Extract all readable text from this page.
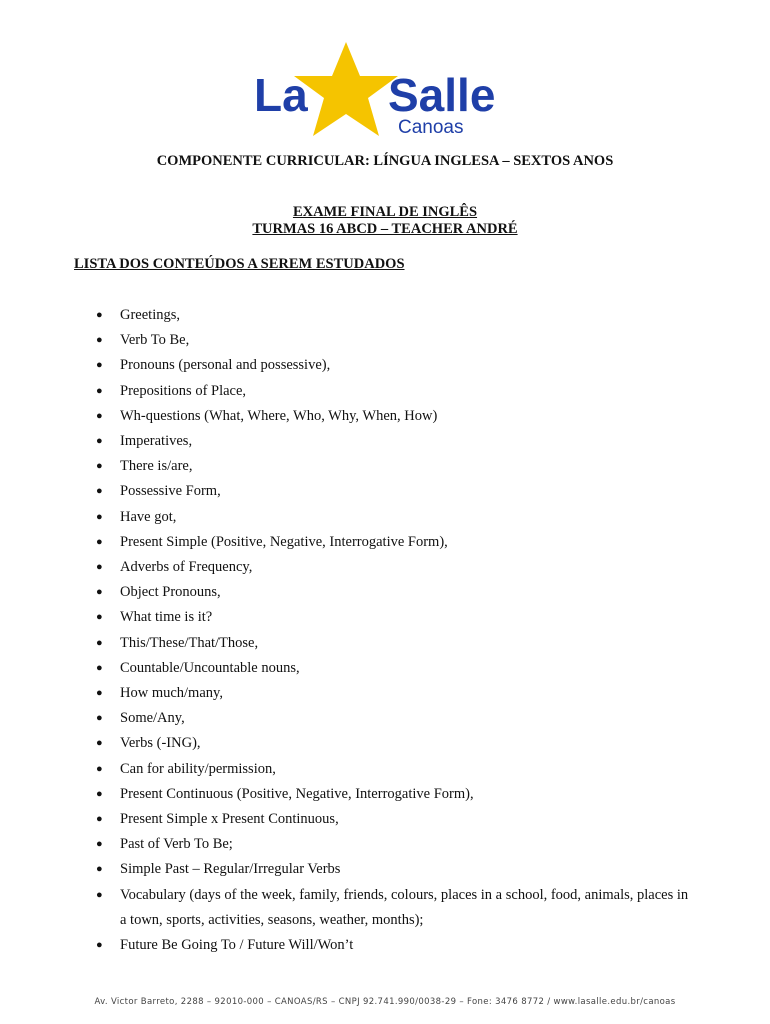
La Salle
Canoas

COMPONENTE CURRICULAR: LÍNGUA INGLESA – SEXTOS ANOS

EXAME FINAL DE INGLÊS

TURMAS 16 ABCD – TEACHER ANDRÉ

LISTA DOS CONTEÚDOS A SEREM ESTUDADOS

● Greetings,
● Verb To Be,
● Pronouns (personal and possessive),
● Prepositions of Place,
● Wh-questions (What, Where, Who, Why, When, How)
● Imperatives,
● There is/are,
● Possessive Form,
● Have got,
● Present Simple (Positive, Negative, Interrogative Form),
● Adverbs of Frequency,
● Object Pronouns,
● What time is it?
● This/These/That/Those,
● Countable/Uncountable nouns,
● How much/many,
● Some/Any,
● Verbs (-ING),
● Can for ability/permission,
● Present Continuous (Positive, Negative, Interrogative Form),
● Present Simple x Present Continuous,
● Past of Verb To Be;
● Simple Past – Regular/Irregular Verbs
● Vocabulary (days of the week, family, friends, colours, places in a school, food, animals, places in a town, sports, activities, seasons, weather, months);
● Future Be Going To / Future Will/Won’t
Av. Victor Barreto, 2288 – 92010-000 – CANOAS/RS – CNPJ 92.741.990/0038-29 – Fone: 3476 8772 / www.lasalle.edu.br/canoas
